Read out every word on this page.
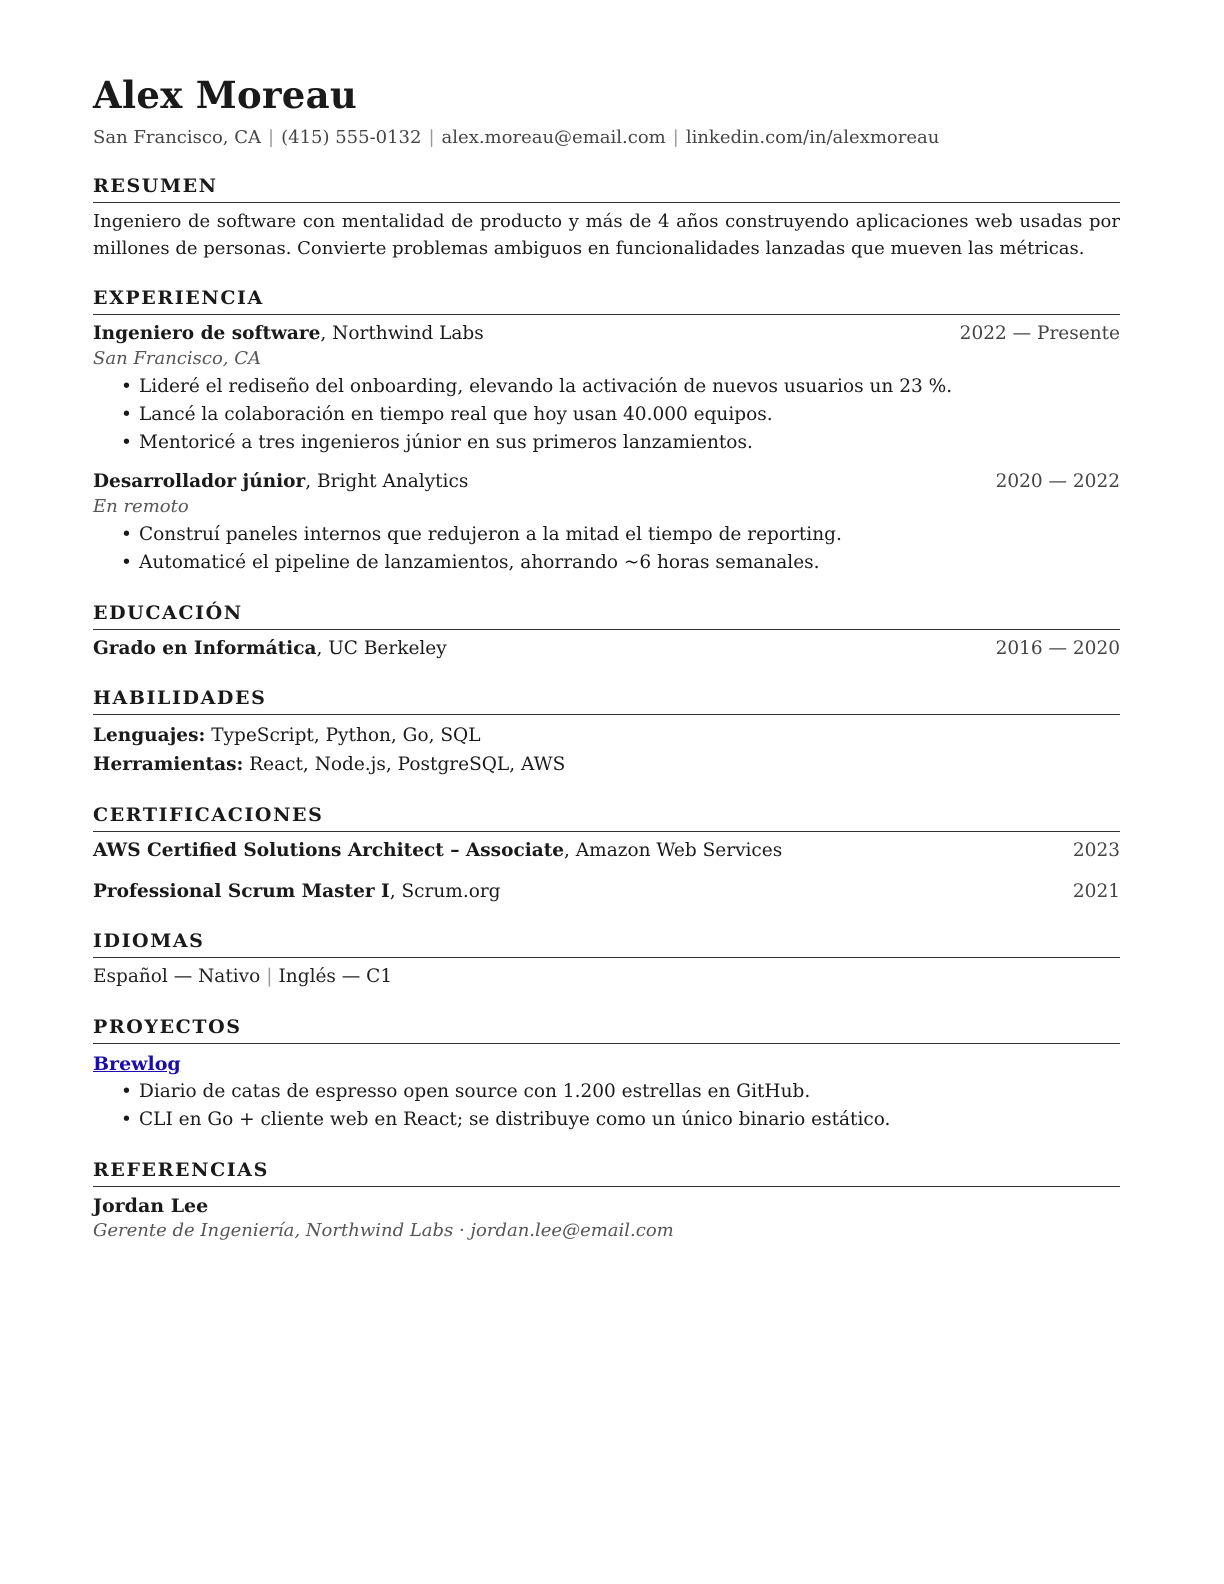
Alex Moreau
San Francisco, CA | (415) 555-0132 | alex.moreau@email.com | linkedin.com/in/alexmoreau
RESUMEN
Ingeniero de software con mentalidad de producto y más de 4 años construyendo aplicaciones web usadas por millones de personas. Convierte problemas ambiguos en funcionalidades lanzadas que mueven las métricas.
EXPERIENCIA
Ingeniero de software, Northwind Labs	2022 — Presente
San Francisco, CA
• Lideré el rediseño del onboarding, elevando la activación de nuevos usuarios un 23 %.
• Lancé la colaboración en tiempo real que hoy usan 40.000 equipos.
• Mentoricé a tres ingenieros júnior en sus primeros lanzamientos.
Desarrollador júnior, Bright Analytics	2020 — 2022
En remoto
• Construí paneles internos que redujeron a la mitad el tiempo de reporting.
• Automaticé el pipeline de lanzamientos, ahorrando ~6 horas semanales.
EDUCACIÓN
Grado en Informática, UC Berkeley	2016 — 2020
HABILIDADES
Lenguajes: TypeScript, Python, Go, SQL
Herramientas: React, Node.js, PostgreSQL, AWS
CERTIFICACIONES
AWS Certified Solutions Architect – Associate, Amazon Web Services	2023
Professional Scrum Master I, Scrum.org	2021
IDIOMAS
Español — Nativo | Inglés — C1
PROYECTOS
Brewlog
• Diario de catas de espresso open source con 1.200 estrellas en GitHub.
• CLI en Go + cliente web en React; se distribuye como un único binario estático.
REFERENCIAS
Jordan Lee
Gerente de Ingeniería, Northwind Labs · jordan.lee@email.com
